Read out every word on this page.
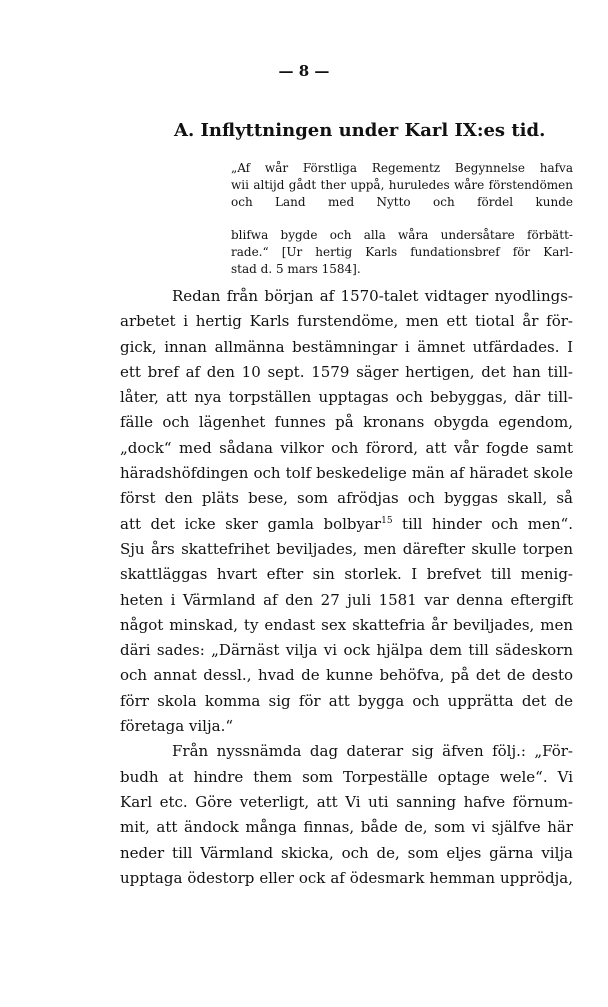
— 8 —
A. Inflyttningen under Karl IX:es tid.
„Af wår Förstliga Regementz Begynnelse hafva
wii altijd gådt ther uppå, huruledes wåre förstendömen och Land med Nytto och fördel kunde
blifwa bygde och alla wåra undersåtare förbätt-
rade.“ [Ur hertig Karls fundationsbref för Karl-
stad d. 5 mars 1584].
Redan från början af 1570-talet vidtager nyodlings-
arbetet i hertig Karls furstendöme, men ett tiotal år för-
gick, innan allmänna bestämningar i ämnet utfärdades. I
ett bref af den 10 sept. 1579 säger hertigen, det han till-
låter, att nya torpställen upptagas och bebyggas, där till-
fälle och lägenhet funnes på kronans obygda egendom,
„dock“ med sådana vilkor och förord, att vår fogde samt
häradshöfdingen och tolf beskedelige män af häradet skole
först den pläts bese, som afrödjas och byggas skall, så
att det icke sker gamla bolbyar$^{15}$ till hinder och men“.
Sju års skattefrihet beviljades, men därefter skulle torpen
skattläggas hvart efter sin storlek. I brefvet till menig-
heten i Värmland af den 27 juli 1581 var denna eftergift
något minskad, ty endast sex skattefria år beviljades, men
däri sades: „Därnäst vilja vi ock hjälpa dem till sädeskorn
och annat dessl., hvad de kunne behöfva, på det de desto
förr skola komma sig för att bygga och upprätta det de
företaga vilja.“
Från nyssnämda dag daterar sig äfven följ.: „För-
budh at hindre them som Torpeställe optage wele“. Vi
Karl etc. Göre veterligt, att Vi uti sanning hafve förnum-
mit, att ändock många finnas, både de, som vi själfve här
neder till Värmland skicka, och de, som eljes gärna vilja
upptaga ödestorp eller ock af ödesmark hemman upprödja,
